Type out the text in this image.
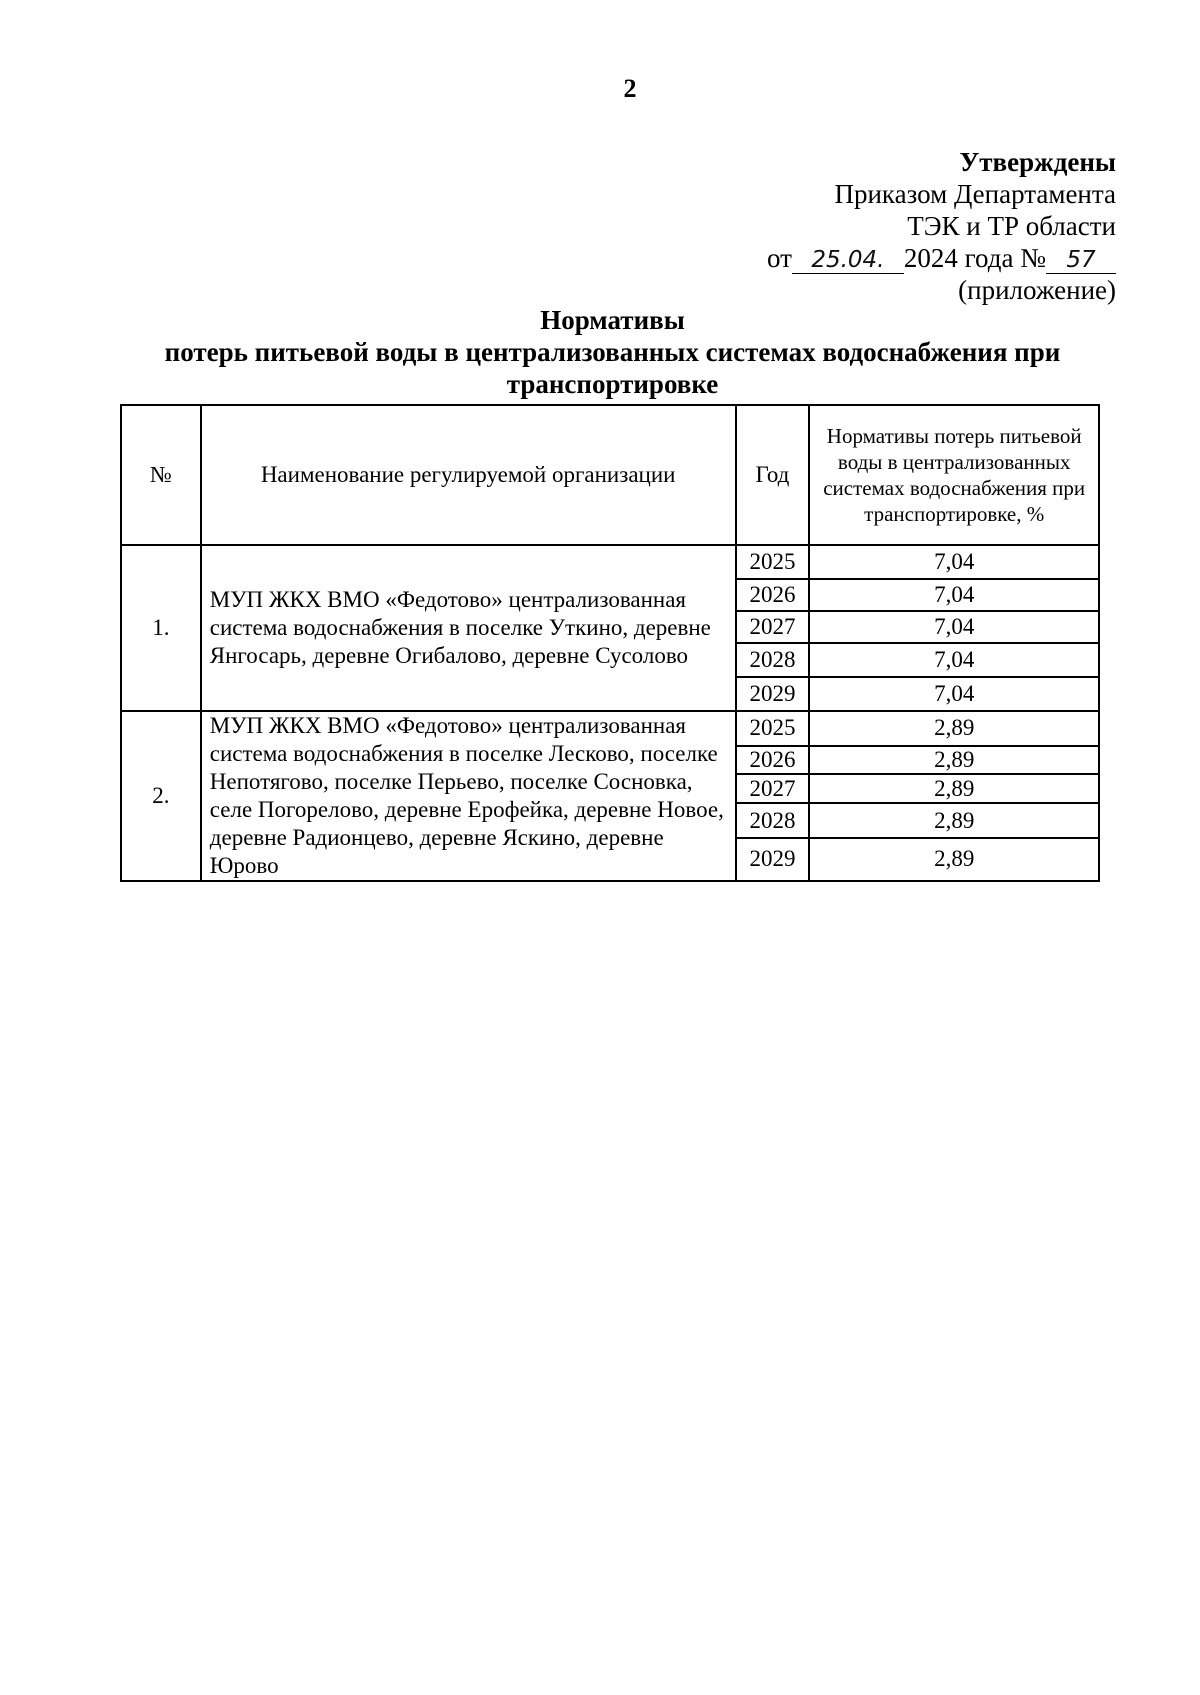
2
Утверждены
Приказом Департамента
ТЭК и ТР области
от 25.04. 2024 года № 57
(приложение)
Нормативы
потерь питьевой воды в централизованных системах водоснабжения при
транспортировке
№	Наименование регулируемой организации	Год	Нормативы потерь питьевой воды в централизованных системах водоснабжения при транспортировке, %
1.	МУП ЖКХ ВМО «Федотово» централизованная система водоснабжения в поселке Уткино, деревне Янгосарь, деревне Огибалово, деревне Сусолово	2025	7,04
		2026	7,04
		2027	7,04
		2028	7,04
		2029	7,04
2.	МУП ЖКХ ВМО «Федотово» централизованная система водоснабжения в поселке Лесково, поселке Непотягово, поселке Перьево, поселке Сосновка, селе Погорелово, деревне Ерофейка, деревне Новое, деревне Радионцево, деревне Яскино, деревне Юрово	2025	2,89
		2026	2,89
		2027	2,89
		2028	2,89
		2029	2,89
